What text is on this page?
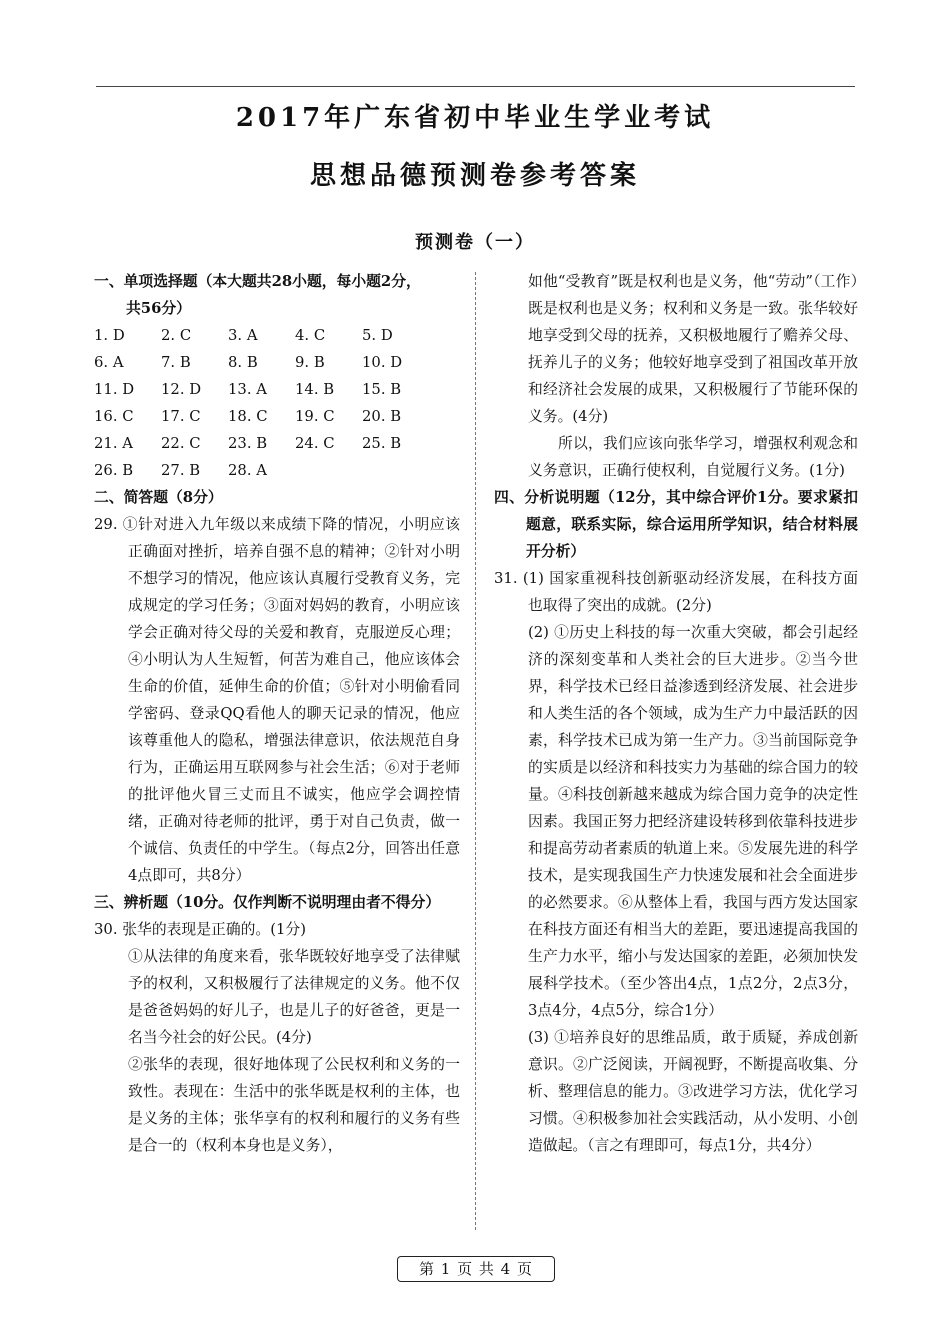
2017年广东省初中毕业生学业考试
思想品德预测卷参考答案
预测卷（一）

一、单项选择题（本大题共28小题，每小题2分，
共56分）

1. D	2. C	3. A	4. C	5. D
6. A	7. B	8. B	9. B	10. D
11. D	12. D	13. A	14. B	15. B
16. C	17. C	18. C	19. C	20. B
21. A	22. C	23. B	24. C	25. B
26. B	27. B	28. A

二、简答题（8分）

29. ①针对进入九年级以来成绩下降的情况，小明应该正确面对挫折，培养自强不息的精神；②针对小明不想学习的情况，他应该认真履行受教育义务，完成规定的学习任务；③面对妈妈的教育，小明应该学会正确对待父母的关爱和教育，克服逆反心理；④小明认为人生短暂，何苦为难自己，他应该体会生命的价值，延伸生命的价值；⑤针对小明偷看同学密码、登录QQ看他人的聊天记录的情况，他应该尊重他人的隐私，增强法律意识，依法规范自身行为，正确运用互联网参与社会生活；⑥对于老师的批评他火冒三丈而且不诚实，他应学会调控情绪，正确对待老师的批评，勇于对自己负责，做一个诚信、负责任的中学生。（每点2分，回答出任意4点即可，共8分）

三、辨析题（10分。仅作判断不说明理由者不得分）

30. 张华的表现是正确的。(1分)

①从法律的角度来看，张华既较好地享受了法律赋予的权利，又积极履行了法律规定的义务。他不仅是爸爸妈妈的好儿子，也是儿子的好爸爸，更是一名当今社会的好公民。(4分)

②张华的表现，很好地体现了公民权利和义务的一致性。表现在：生活中的张华既是权利的主体，也是义务的主体；张华享有的权利和履行的义务有些是合一的（权利本身也是义务），

如他“受教育”既是权利也是义务，他“劳动”（工作）既是权利也是义务；权利和义务是一致。张华较好地享受到父母的抚养，又积极地履行了赡养父母、抚养儿子的义务；他较好地享受到了祖国改革开放和经济社会发展的成果，又积极履行了节能环保的义务。(4分)

所以，我们应该向张华学习，增强权利观念和义务意识，正确行使权利，自觉履行义务。(1分)

四、分析说明题（12分，其中综合评价1分。要求紧扣题意，联系实际，综合运用所学知识，结合材料展开分析）

31. (1) 国家重视科技创新驱动经济发展，在科技方面也取得了突出的成就。(2分)

(2) ①历史上科技的每一次重大突破，都会引起经济的深刻变革和人类社会的巨大进步。②当今世界，科学技术已经日益渗透到经济发展、社会进步和人类生活的各个领域，成为生产力中最活跃的因素，科学技术已成为第一生产力。③当前国际竞争的实质是以经济和科技实力为基础的综合国力的较量。④科技创新越来越成为综合国力竞争的决定性因素。我国正努力把经济建设转移到依靠科技进步和提高劳动者素质的轨道上来。⑤发展先进的科学技术，是实现我国生产力快速发展和社会全面进步的必然要求。⑥从整体上看，我国与西方发达国家在科技方面还有相当大的差距，要迅速提高我国的生产力水平，缩小与发达国家的差距，必须加快发展科学技术。（至少答出4点，1点2分，2点3分，3点4分，4点5分，综合1分）

(3) ①培养良好的思维品质，敢于质疑，养成创新意识。②广泛阅读，开阔视野，不断提高收集、分析、整理信息的能力。③改进学习方法，优化学习习惯。④积极参加社会实践活动，从小发明、小创造做起。（言之有理即可，每点1分，共4分）

第 1 页 共 4 页
